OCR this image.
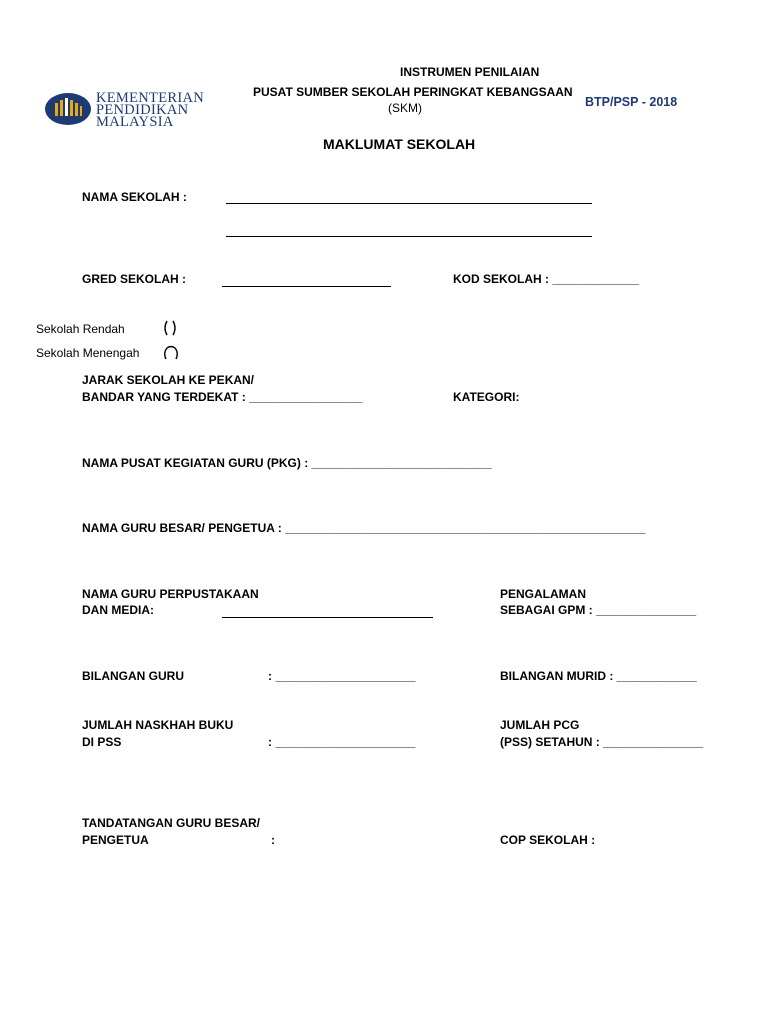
KEMENTERIAN
PENDIDIKAN
MALAYSIA
INSTRUMEN PENILAIAN
PUSAT SUMBER SEKOLAH PERINGKAT KEBANGSAAN
(SKM)	BTP/PSP - 2018
MAKLUMAT SEKOLAH
NAMA SEKOLAH :
GRED SEKOLAH :	KOD SEKOLAH : _____________
Sekolah Rendah
Sekolah Menengah
JARAK SEKOLAH KE PEKAN/
BANDAR YANG TERDEKAT : _________________	KATEGORI:
NAMA PUSAT KEGIATAN GURU (PKG) : ___________________________
NAMA GURU BESAR/ PENGETUA : ______________________________________________________
NAMA GURU PERPUSTAKAAN
DAN MEDIA:
PENGALAMAN
SEBAGAI GPM : _______________
BILANGAN GURU	: _____________________	BILANGAN MURID : ____________
JUMLAH NASKHAH BUKU
DI PSS	: _____________________
JUMLAH PCG
(PSS) SETAHUN : _______________
TANDATANGAN GURU BESAR/
PENGETUA	:	COP SEKOLAH :
